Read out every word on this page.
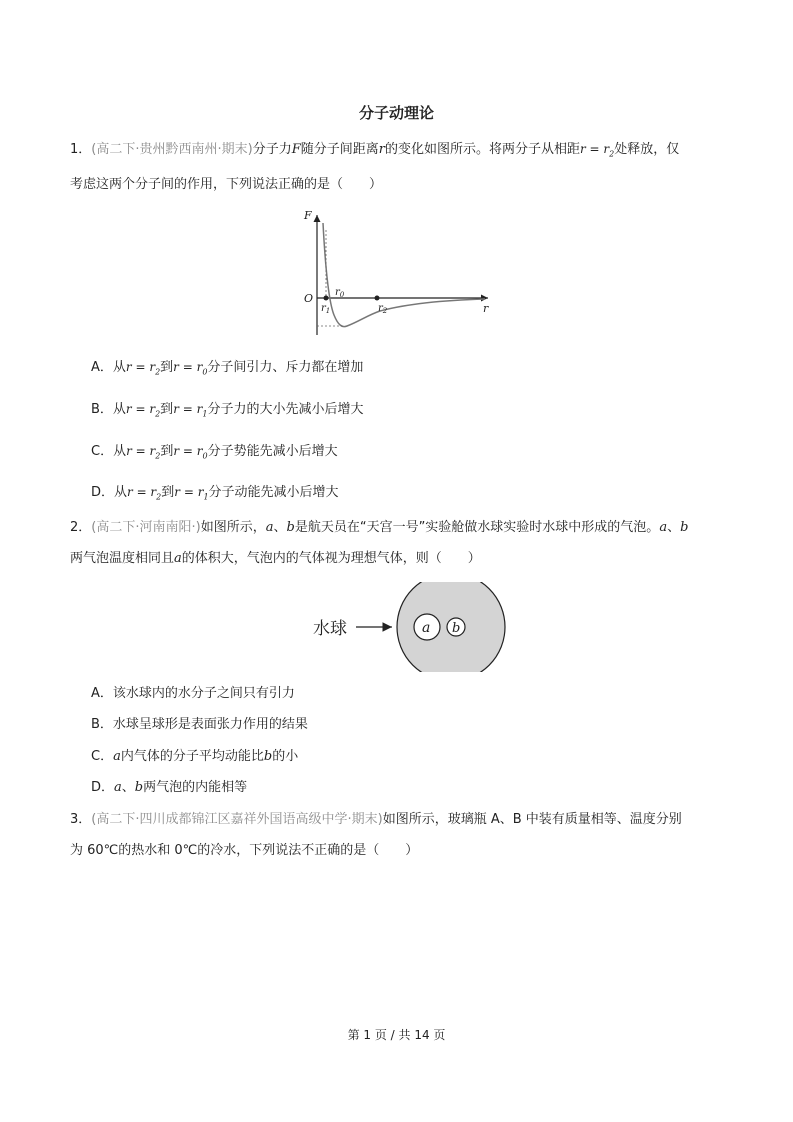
分子动理论
1．(高二下·贵州黔西南州·期末)分子力F随分子间距离r的变化如图所示。将两分子从相距$r = r_2$处释放，仅
考虑这两个分子间的作用，下列说法正确的是（　　）
F
O $r_0$
$r_1$	$r_2$	r
A．从$r = r_2$到$r = r_0$分子间引力、斥力都在增加
B．从$r = r_2$到$r = r_1$分子力的大小先减小后增大
C．从$r = r_2$到$r = r_0$分子势能先减小后增大
D．从$r = r_2$到$r = r_1$分子动能先减小后增大
2．(高二下·河南南阳·)如图所示，a、b是航天员在“天宫一号”实验舱做水球实验时水球中形成的气泡。a、b
两气泡温度相同且a的体积大，气泡内的气体视为理想气体，则（　　）
水球	a b
A．该水球内的水分子之间只有引力
B．水球呈球形是表面张力作用的结果
C．a内气体的分子平均动能比b的小
D．a、b两气泡的内能相等
3．(高二下·四川成都锦江区嘉祥外国语高级中学·期末)如图所示，玻璃瓶 A、B 中装有质量相等、温度分别
为 60℃的热水和 0℃的冷水，下列说法不正确的是（　　）
第 1 页 / 共 14 页
